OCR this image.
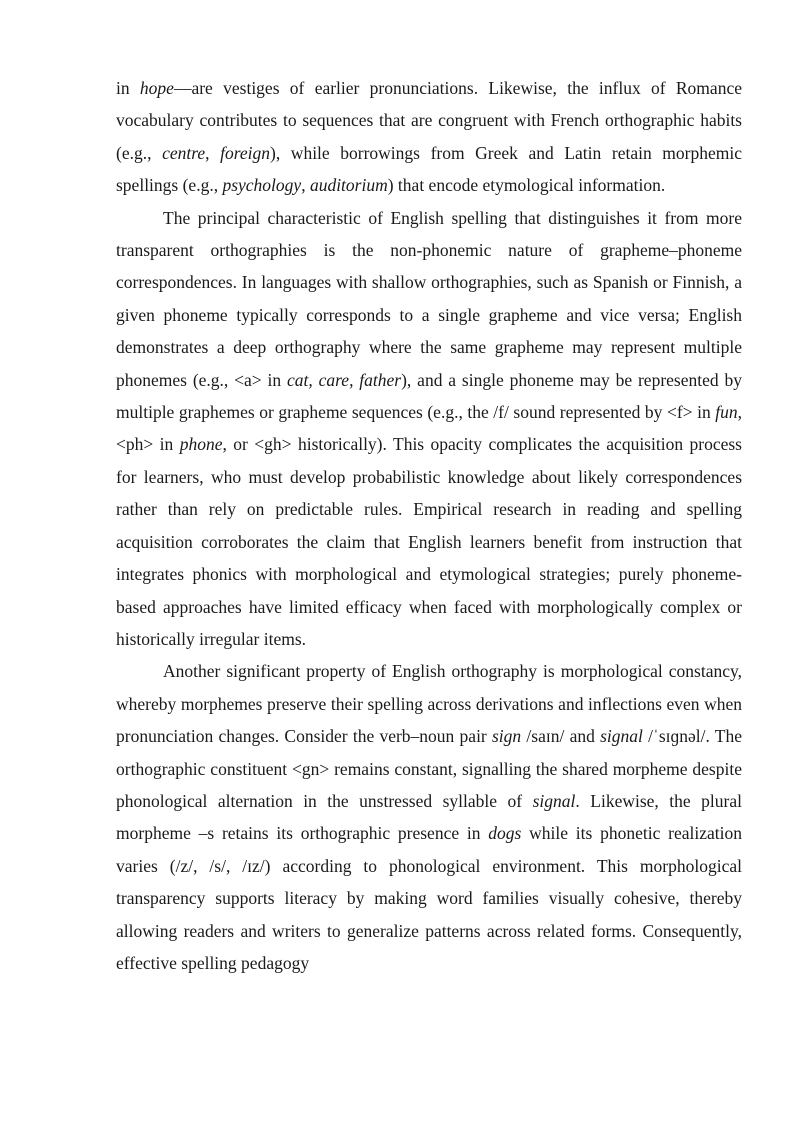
in hope—are vestiges of earlier pronunciations. Likewise, the influx of Romance vocabulary contributes to sequences that are congruent with French orthographic habits (e.g., centre, foreign), while borrowings from Greek and Latin retain morphemic spellings (e.g., psychology, auditorium) that encode etymological information.

The principal characteristic of English spelling that distinguishes it from more transparent orthographies is the non-phonemic nature of grapheme–phoneme correspondences. In languages with shallow orthographies, such as Spanish or Finnish, a given phoneme typically corresponds to a single grapheme and vice versa; English demonstrates a deep orthography where the same grapheme may represent multiple phonemes (e.g., <a> in cat, care, father), and a single phoneme may be represented by multiple graphemes or grapheme sequences (e.g., the /f/ sound represented by <f> in fun, <ph> in phone, or <gh> historically). This opacity complicates the acquisition process for learners, who must develop probabilistic knowledge about likely correspondences rather than rely on predictable rules. Empirical research in reading and spelling acquisition corroborates the claim that English learners benefit from instruction that integrates phonics with morphological and etymological strategies; purely phoneme-based approaches have limited efficacy when faced with morphologically complex or historically irregular items.

Another significant property of English orthography is morphological constancy, whereby morphemes preserve their spelling across derivations and inflections even when pronunciation changes. Consider the verb–noun pair sign /saɪn/ and signal /ˈsɪɡnəl/. The orthographic constituent <gn> remains constant, signalling the shared morpheme despite phonological alternation in the unstressed syllable of signal. Likewise, the plural morpheme –s retains its orthographic presence in dogs while its phonetic realization varies (/z/, /s/, /ɪz/) according to phonological environment. This morphological transparency supports literacy by making word families visually cohesive, thereby allowing readers and writers to generalize patterns across related forms. Consequently, effective spelling pedagogy
